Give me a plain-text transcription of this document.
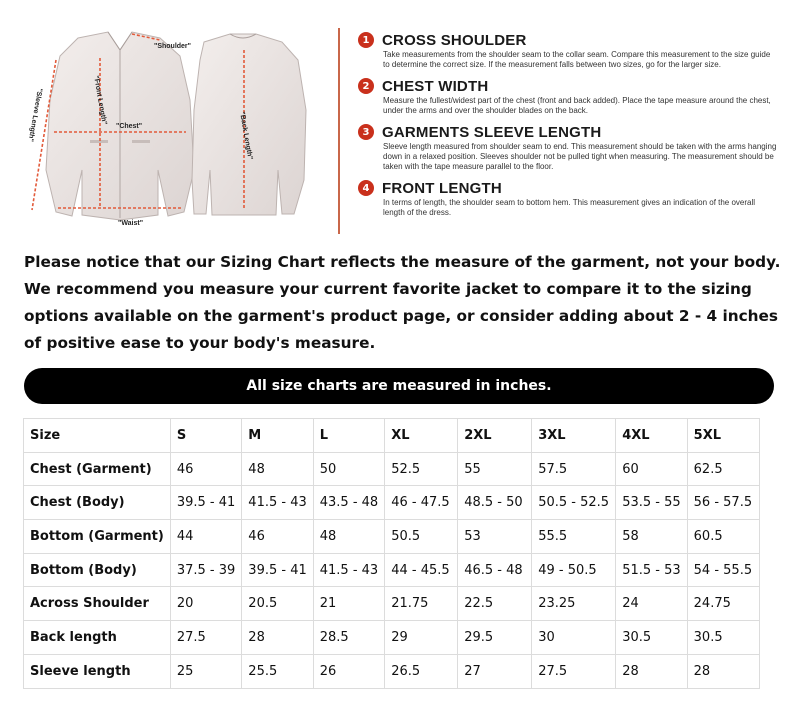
"Shoulder"
"Chest"
"Waist"
"Front Length"
"Sleeve Length"	"Back Length"
1 CROSS SHOULDER
Take measurements from the shoulder seam to the collar seam. Compare this measurement to the size guide to determine the correct size. If the measurement falls between two sizes, go for the larger size.
2 CHEST WIDTH
Measure the fullest/widest part of the chest (front and back added). Place the tape measure around the chest, under the arms and over the shoulder blades on the back.
3 GARMENTS SLEEVE LENGTH
Sleeve length measured from shoulder seam to end. This measurement should be taken with the arms hanging down in a relaxed position. Sleeves shoulder not be pulled tight when measuring. The measurement should be taken with the tape measure parallel to the floor.
4 FRONT LENGTH
In terms of length, the shoulder seam to bottom hem. This measurement gives an indication of the overall length of the dress.

Please notice that our Sizing Chart reflects the measure of the garment, not your body. We recommend you measure your current favorite jacket to compare it to the sizing options available on the garment's product page, or consider adding about 2 - 4 inches of positive ease to your body's measure.

All size charts are measured in inches.
Size	S	M	L	XL	2XL	3XL	4XL	5XL
Chest (Garment)	46	48	50	52.5	55	57.5	60	62.5
Chest (Body)	39.5 - 41	41.5 - 43	43.5 - 48	46 - 47.5	48.5 - 50	50.5 - 52.5	53.5 - 55	56 - 57.5
Bottom (Garment)	44	46	48	50.5	53	55.5	58	60.5
Bottom (Body)	37.5 - 39	39.5 - 41	41.5 - 43	44 - 45.5	46.5 - 48	49 - 50.5	51.5 - 53	54 - 55.5
Across Shoulder	20	20.5	21	21.75	22.5	23.25	24	24.75
Back length	27.5	28	28.5	29	29.5	30	30.5	30.5
Sleeve length	25	25.5	26	26.5	27	27.5	28	28
